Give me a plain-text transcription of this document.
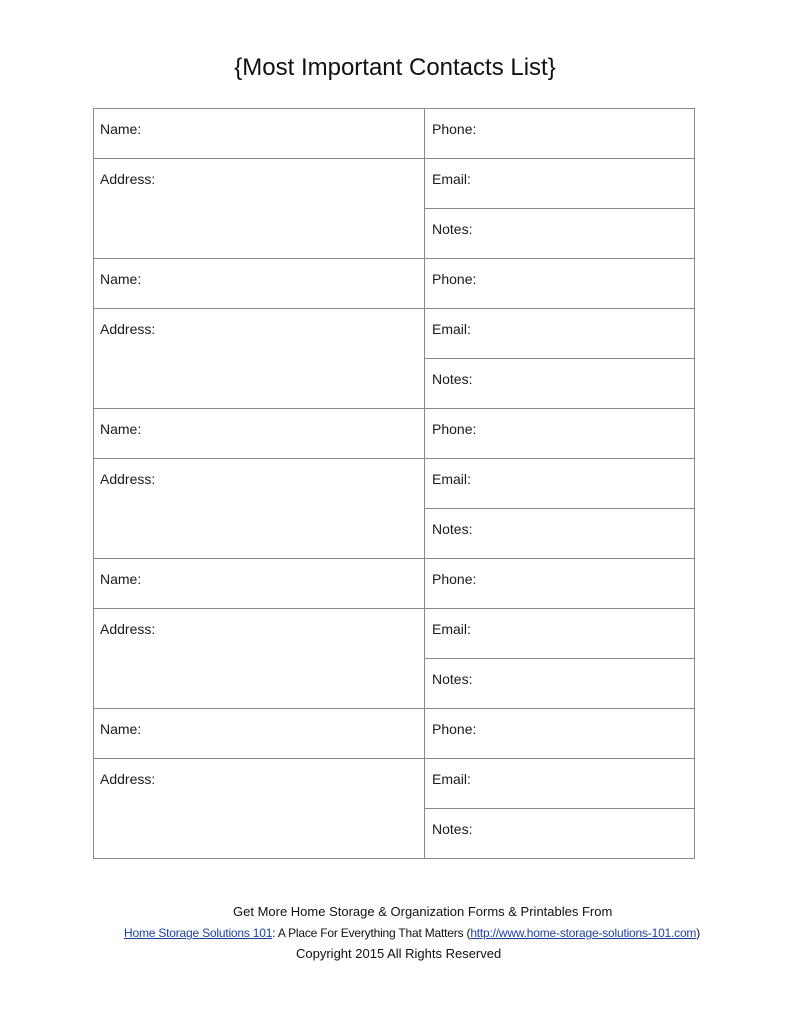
{Most Important Contacts List}
Name:	Phone:
Address:	Email:
Notes:
Name:	Phone:
Address:	Email:
Notes:
Name:	Phone:
Address:	Email:
Notes:
Name:	Phone:
Address:	Email:
Notes:
Name:	Phone:
Address:	Email:
Notes:
Get More Home Storage & Organization Forms & Printables From
Home Storage Solutions 101: A Place For Everything That Matters (http://www.home-storage-solutions-101.com)
Copyright 2015 All Rights Reserved
